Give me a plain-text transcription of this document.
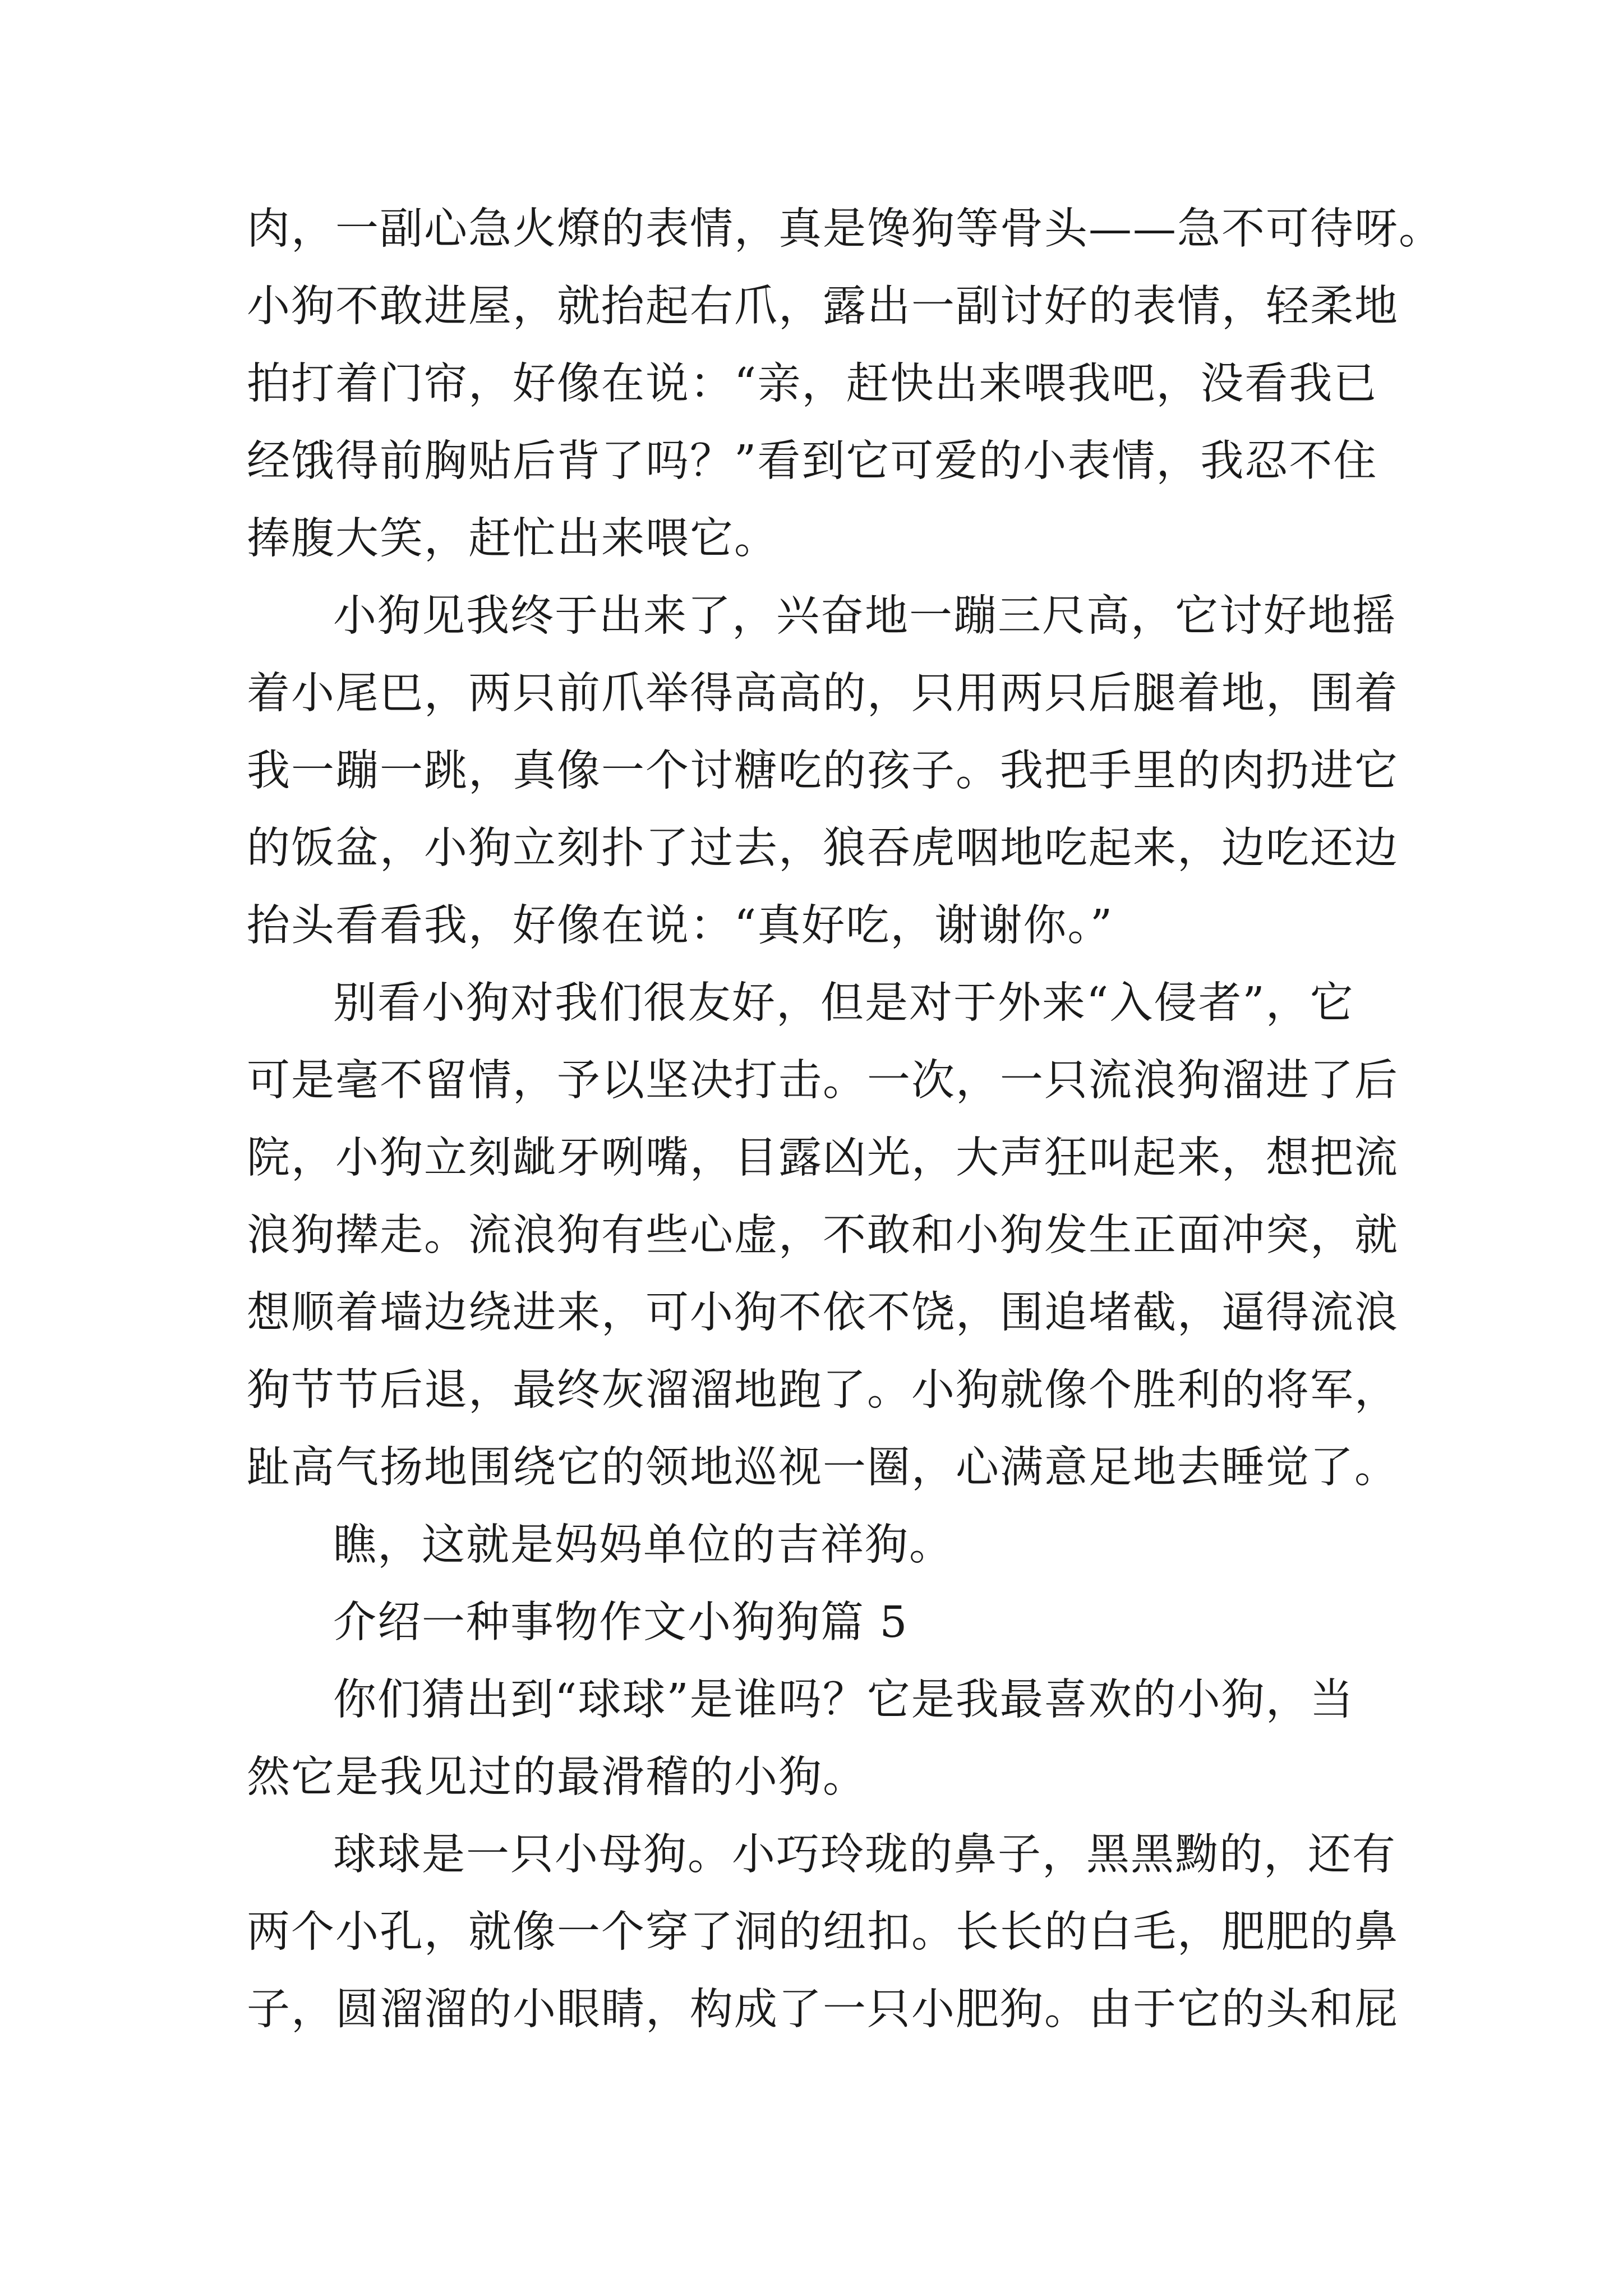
肉，一副心急火燎的表情，真是馋狗等骨头——急不可待呀。
小狗不敢进屋，就抬起右爪，露出一副讨好的表情，轻柔地
拍打着门帘，好像在说：“亲，赶快出来喂我吧，没看我已
经饿得前胸贴后背了吗？”看到它可爱的小表情，我忍不住
捧腹大笑，赶忙出来喂它。
小狗见我终于出来了，兴奋地一蹦三尺高，它讨好地摇
着小尾巴，两只前爪举得高高的，只用两只后腿着地，围着
我一蹦一跳，真像一个讨糖吃的孩子。我把手里的肉扔进它
的饭盆，小狗立刻扑了过去，狼吞虎咽地吃起来，边吃还边
抬头看看我，好像在说：“真好吃，谢谢你。”
别看小狗对我们很友好，但是对于外来“入侵者”，它
可是毫不留情，予以坚决打击。一次，一只流浪狗溜进了后
院，小狗立刻龇牙咧嘴，目露凶光，大声狂叫起来，想把流
浪狗撵走。流浪狗有些心虚，不敢和小狗发生正面冲突，就
想顺着墙边绕进来，可小狗不依不饶，围追堵截，逼得流浪
狗节节后退，最终灰溜溜地跑了。小狗就像个胜利的将军，
趾高气扬地围绕它的领地巡视一圈，心满意足地去睡觉了。
瞧，这就是妈妈单位的吉祥狗。
介绍一种事物作文小狗狗篇 5
你们猜出到“球球”是谁吗？它是我最喜欢的小狗，当
然它是我见过的最滑稽的小狗。
球球是一只小母狗。小巧玲珑的鼻子，黑黑黝的，还有
两个小孔，就像一个穿了洞的纽扣。长长的白毛，肥肥的鼻
子，圆溜溜的小眼睛，构成了一只小肥狗。由于它的头和屁
